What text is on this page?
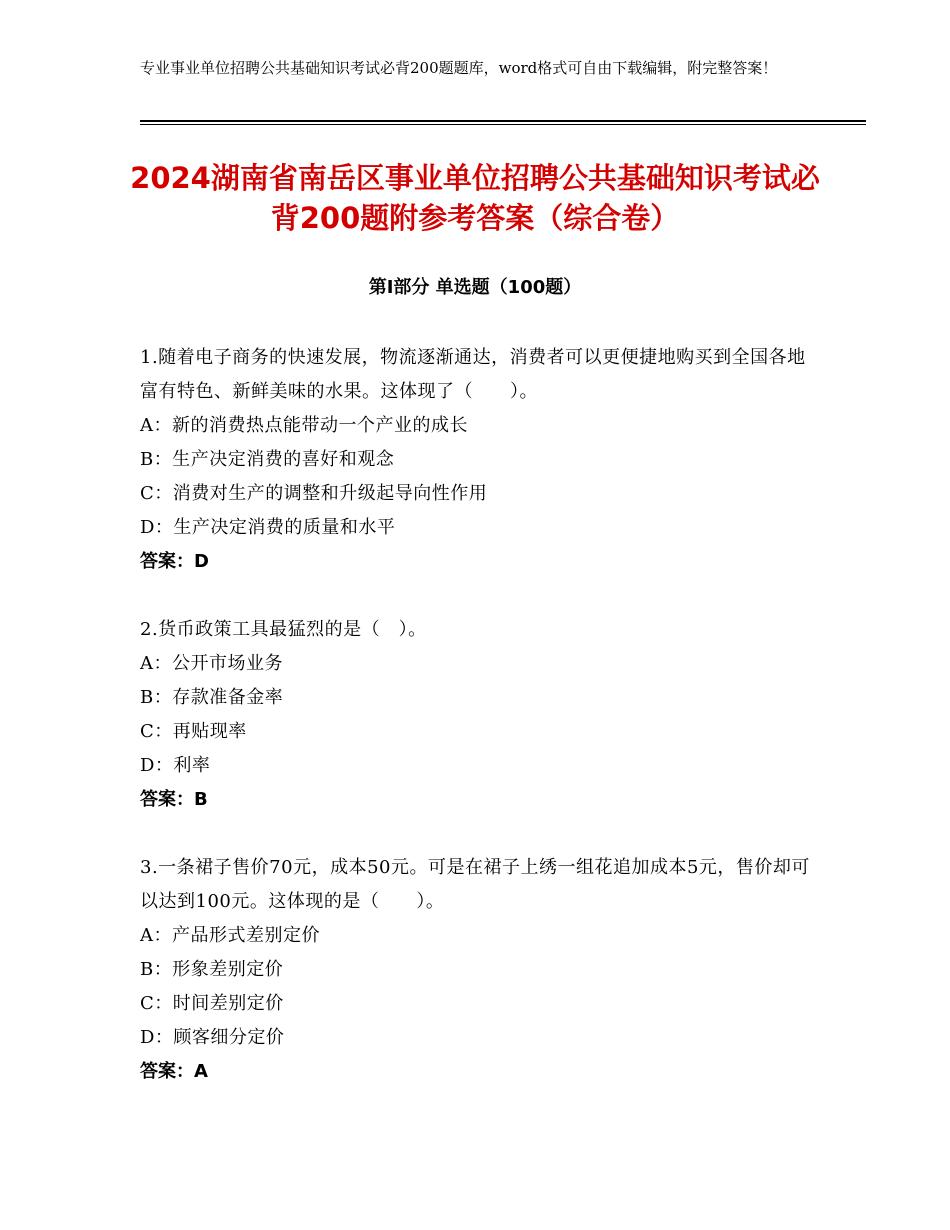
专业事业单位招聘公共基础知识考试必背200题题库，word格式可自由下载编辑，附完整答案！
2024湖南省南岳区事业单位招聘公共基础知识考试必背200题附参考答案（综合卷）
第Ⅰ部分 单选题（100题）
1.随着电子商务的快速发展，物流逐渐通达，消费者可以更便捷地购买到全国各地富有特色、新鲜美味的水果。这体现了（　　）。
A：新的消费热点能带动一个产业的成长
B：生产决定消费的喜好和观念
C：消费对生产的调整和升级起导向性作用
D：生产决定消费的质量和水平
答案：D
2.货币政策工具最猛烈的是（　）。
A：公开市场业务
B：存款准备金率
C：再贴现率
D：利率
答案：B
3.一条裙子售价70元，成本50元。可是在裙子上绣一组花追加成本5元，售价却可以达到100元。这体现的是（　　）。
A：产品形式差别定价
B：形象差别定价
C：时间差别定价
D：顾客细分定价
答案：A
